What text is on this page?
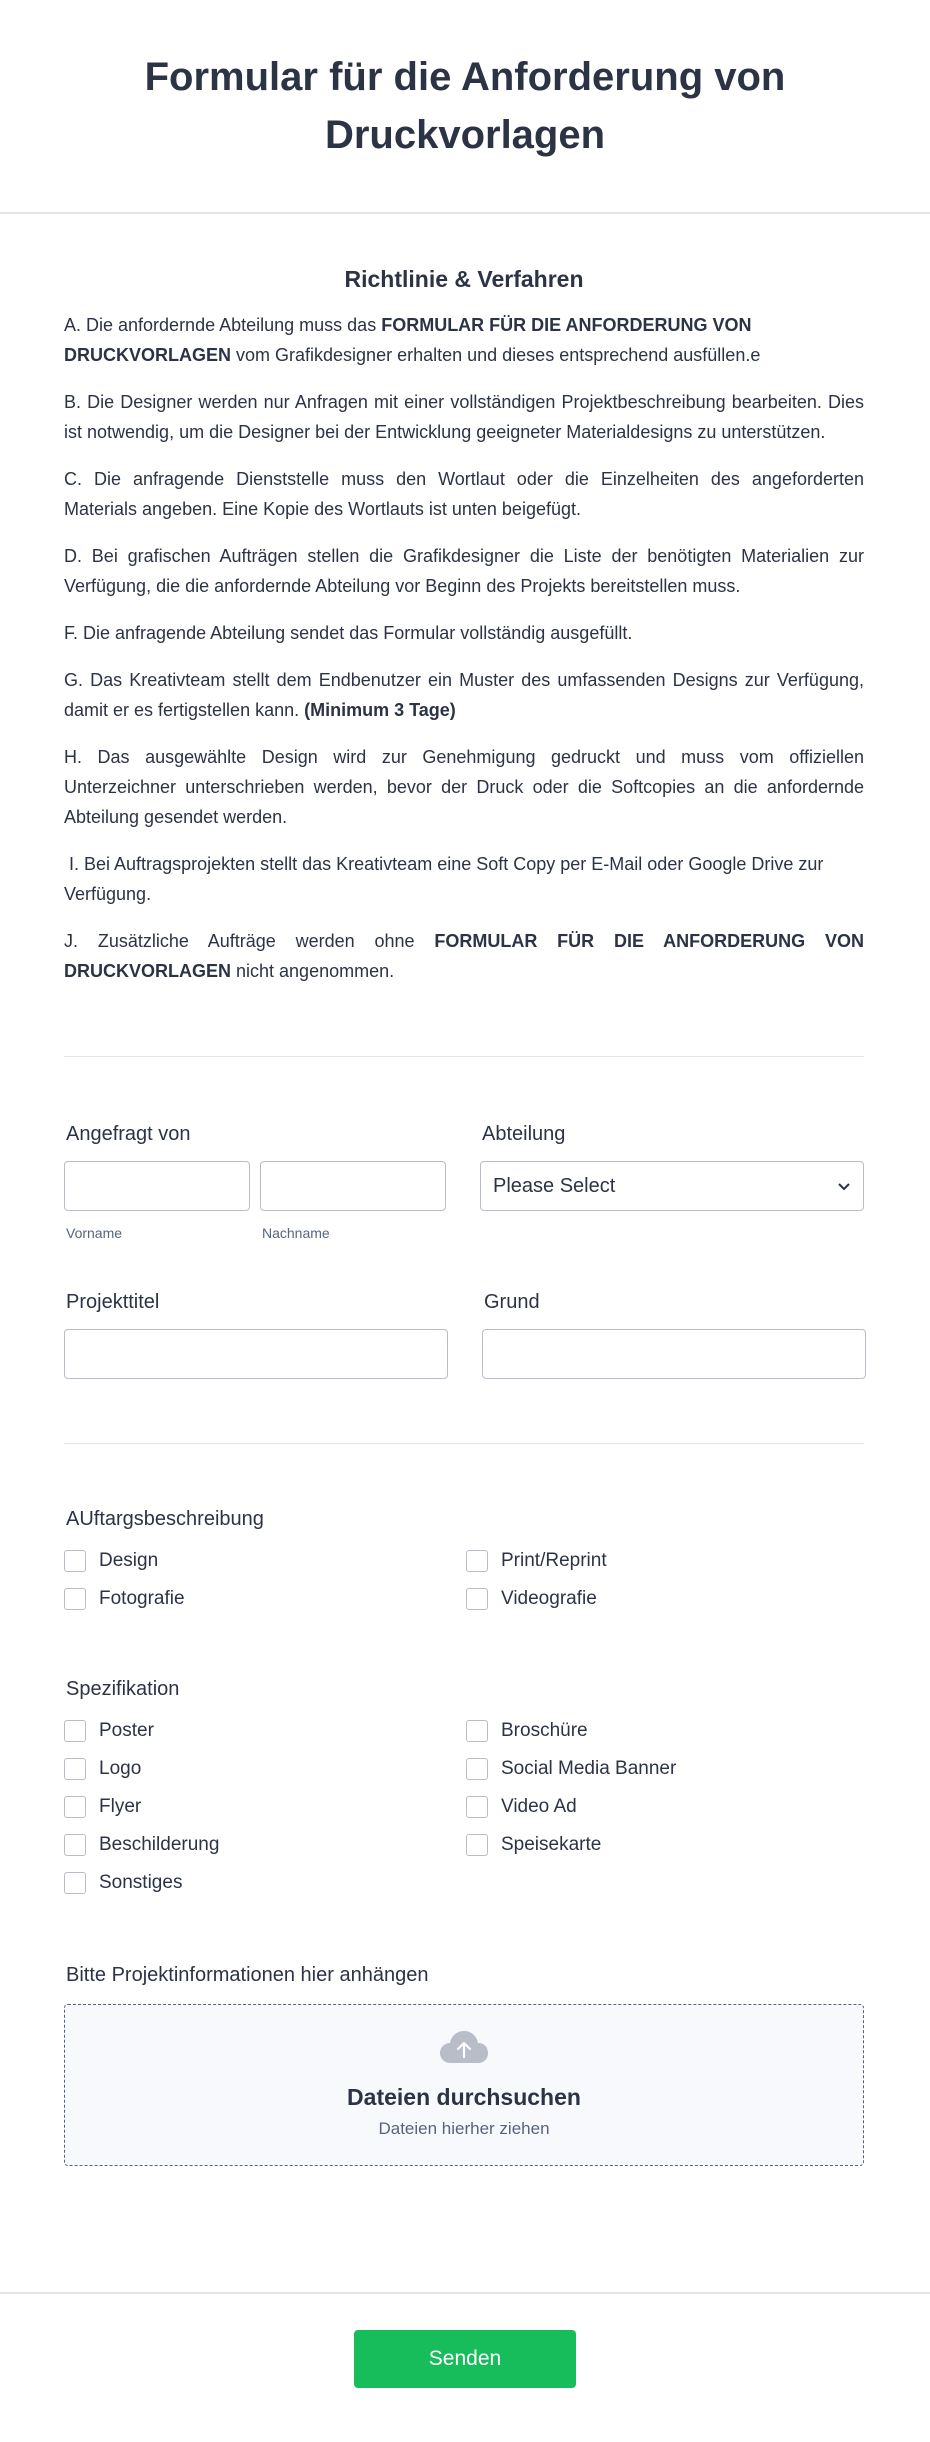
Formular für die Anforderung von Druckvorlagen
Richtlinie & Verfahren

A. Die anfordernde Abteilung muss das FORMULAR FÜR DIE ANFORDERUNG VON DRUCKVORLAGEN vom Grafikdesigner erhalten und dieses entsprechend ausfüllen.e

B. Die Designer werden nur Anfragen mit einer vollständigen Projektbeschreibung bearbeiten. Dies ist notwendig, um die Designer bei der Entwicklung geeigneter Materialdesigns zu unterstützen.

C. Die anfragende Dienststelle muss den Wortlaut oder die Einzelheiten des angeforderten Materials angeben. Eine Kopie des Wortlauts ist unten beigefügt.

D. Bei grafischen Aufträgen stellen die Grafikdesigner die Liste der benötigten Materialien zur Verfügung, die die anfordernde Abteilung vor Beginn des Projekts bereitstellen muss.

F. Die anfragende Abteilung sendet das Formular vollständig ausgefüllt.

G. Das Kreativteam stellt dem Endbenutzer ein Muster des umfassenden Designs zur Verfügung, damit er es fertigstellen kann. (Minimum 3 Tage)

H. Das ausgewählte Design wird zur Genehmigung gedruckt und muss vom offiziellen Unterzeichner unterschrieben werden, bevor der Druck oder die Softcopies an die anfordernde Abteilung gesendet werden.

I. Bei Auftragsprojekten stellt das Kreativteam eine Soft Copy per E-Mail oder Google Drive zur Verfügung.

J. Zusätzliche Aufträge werden ohne FORMULAR FÜR DIE ANFORDERUNG VON DRUCKVORLAGEN nicht angenommen.

Angefragt von
Vorname	Nachname
Abteilung
Please Select
Projekttitel	Grund
AUftargsbeschreibung
Design	Print/Reprint
Fotografie	Videografie
Spezifikation
Poster	Broschüre
Logo	Social Media Banner
Flyer	Video Ad
Beschilderung	Speisekarte
Sonstiges
Bitte Projektinformationen hier anhängen
Dateien durchsuchen
Dateien hierher ziehen
Senden
